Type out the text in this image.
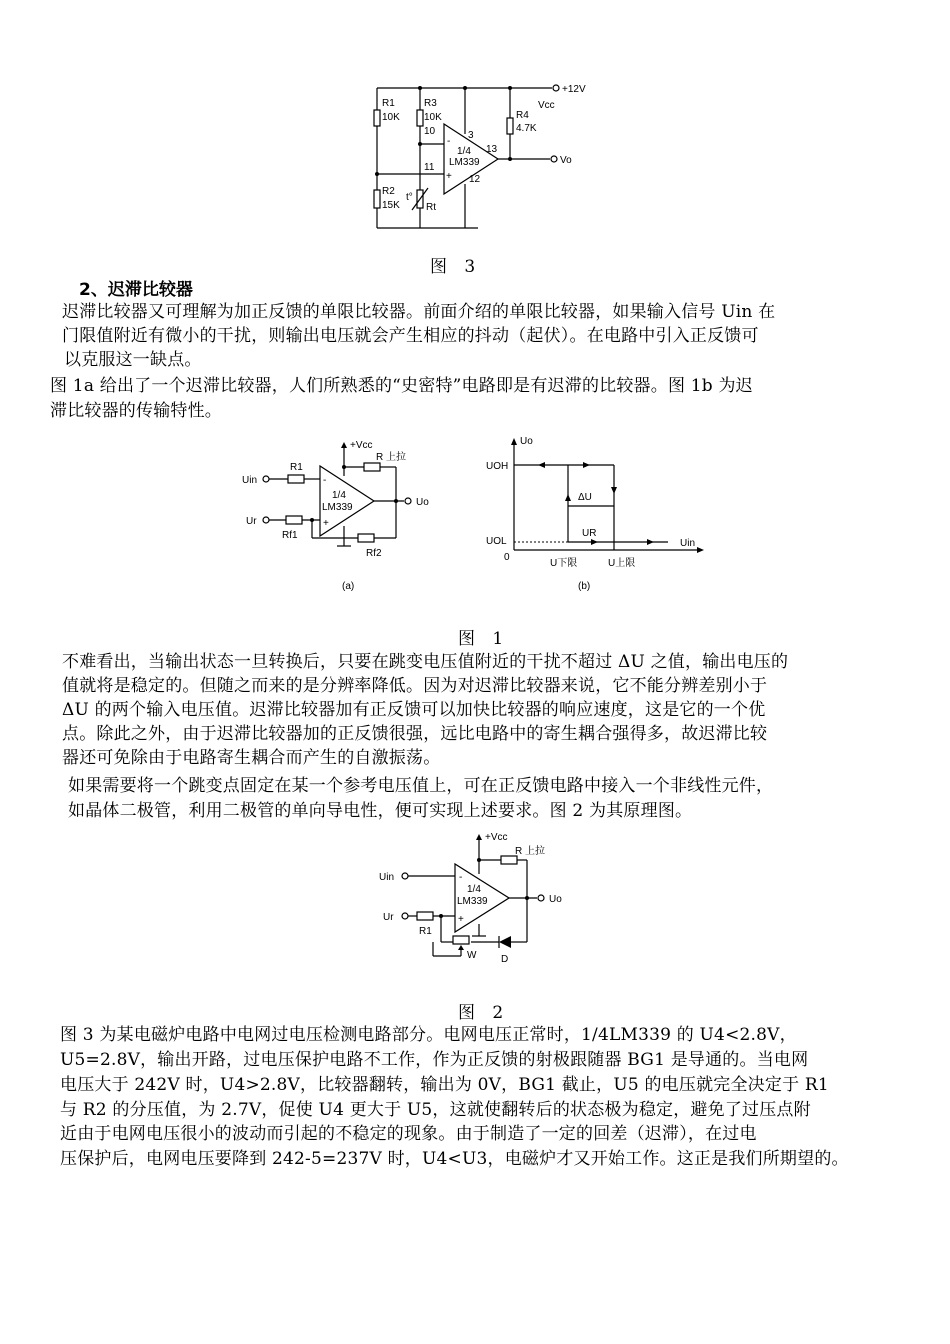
+12V
Vcc
R1
10K
R3
10K
10	3
13
11
12
R4
4.7K
1/4
LM339
-
+
Vo
R2
15K
t°
Rt
图 3
2、迟滞比较器
迟滞比较器又可理解为加正反馈的单限比较器。前面介绍的单限比较器，如果输入信号 Uin 在
门限值附近有微小的干扰，则输出电压就会产生相应的抖动（起伏）。在电路中引入正反馈可
以克服这一缺点。
图 1a 给出了一个迟滞比较器，人们所熟悉的“史密特”电路即是有迟滞的比较器。图 1b 为迟
滞比较器的传输特性。
+Vcc
R 上拉
Uin
R1
1/4
LM339
-
+
Uo
Ur
Rf1
Rf2
(a)
Uo
UOH
ΔU
UR
UOL
0
Uin
U下限	U上限
(b)
图 1
不难看出，当输出状态一旦转换后，只要在跳变电压值附近的干扰不超过 ΔU 之值，输出电压的
值就将是稳定的。但随之而来的是分辨率降低。因为对迟滞比较器来说，它不能分辨差别小于
ΔU 的两个输入电压值。迟滞比较器加有正反馈可以加快比较器的响应速度，这是它的一个优
点。除此之外，由于迟滞比较器加的正反馈很强，远比电路中的寄生耦合强得多，故迟滞比较
器还可免除由于电路寄生耦合而产生的自激振荡。
如果需要将一个跳变点固定在某一个参考电压值上，可在正反馈电路中接入一个非线性元件，
如晶体二极管，利用二极管的单向导电性，便可实现上述要求。图 2 为其原理图。
+Vcc
R 上拉
Uin
1/4
LM339
-
+
Uo
Ur
R1
W D
图 2
图 3 为某电磁炉电路中电网过电压检测电路部分。电网电压正常时，1/4LM339 的 U4<2.8V，
U5=2.8V，输出开路，过电压保护电路不工作，作为正反馈的射极跟随器 BG1 是导通的。当电网
电压大于 242V 时，U4>2.8V，比较器翻转，输出为 0V，BG1 截止，U5 的电压就完全决定于 R1
与 R2 的分压值，为 2.7V，促使 U4 更大于 U5，这就使翻转后的状态极为稳定，避免了过压点附
近由于电网电压很小的波动而引起的不稳定的现象。由于制造了一定的回差（迟滞），在过电
压保护后，电网电压要降到 242-5=237V 时，U4<U3，电磁炉才又开始工作。这正是我们所期望的。
